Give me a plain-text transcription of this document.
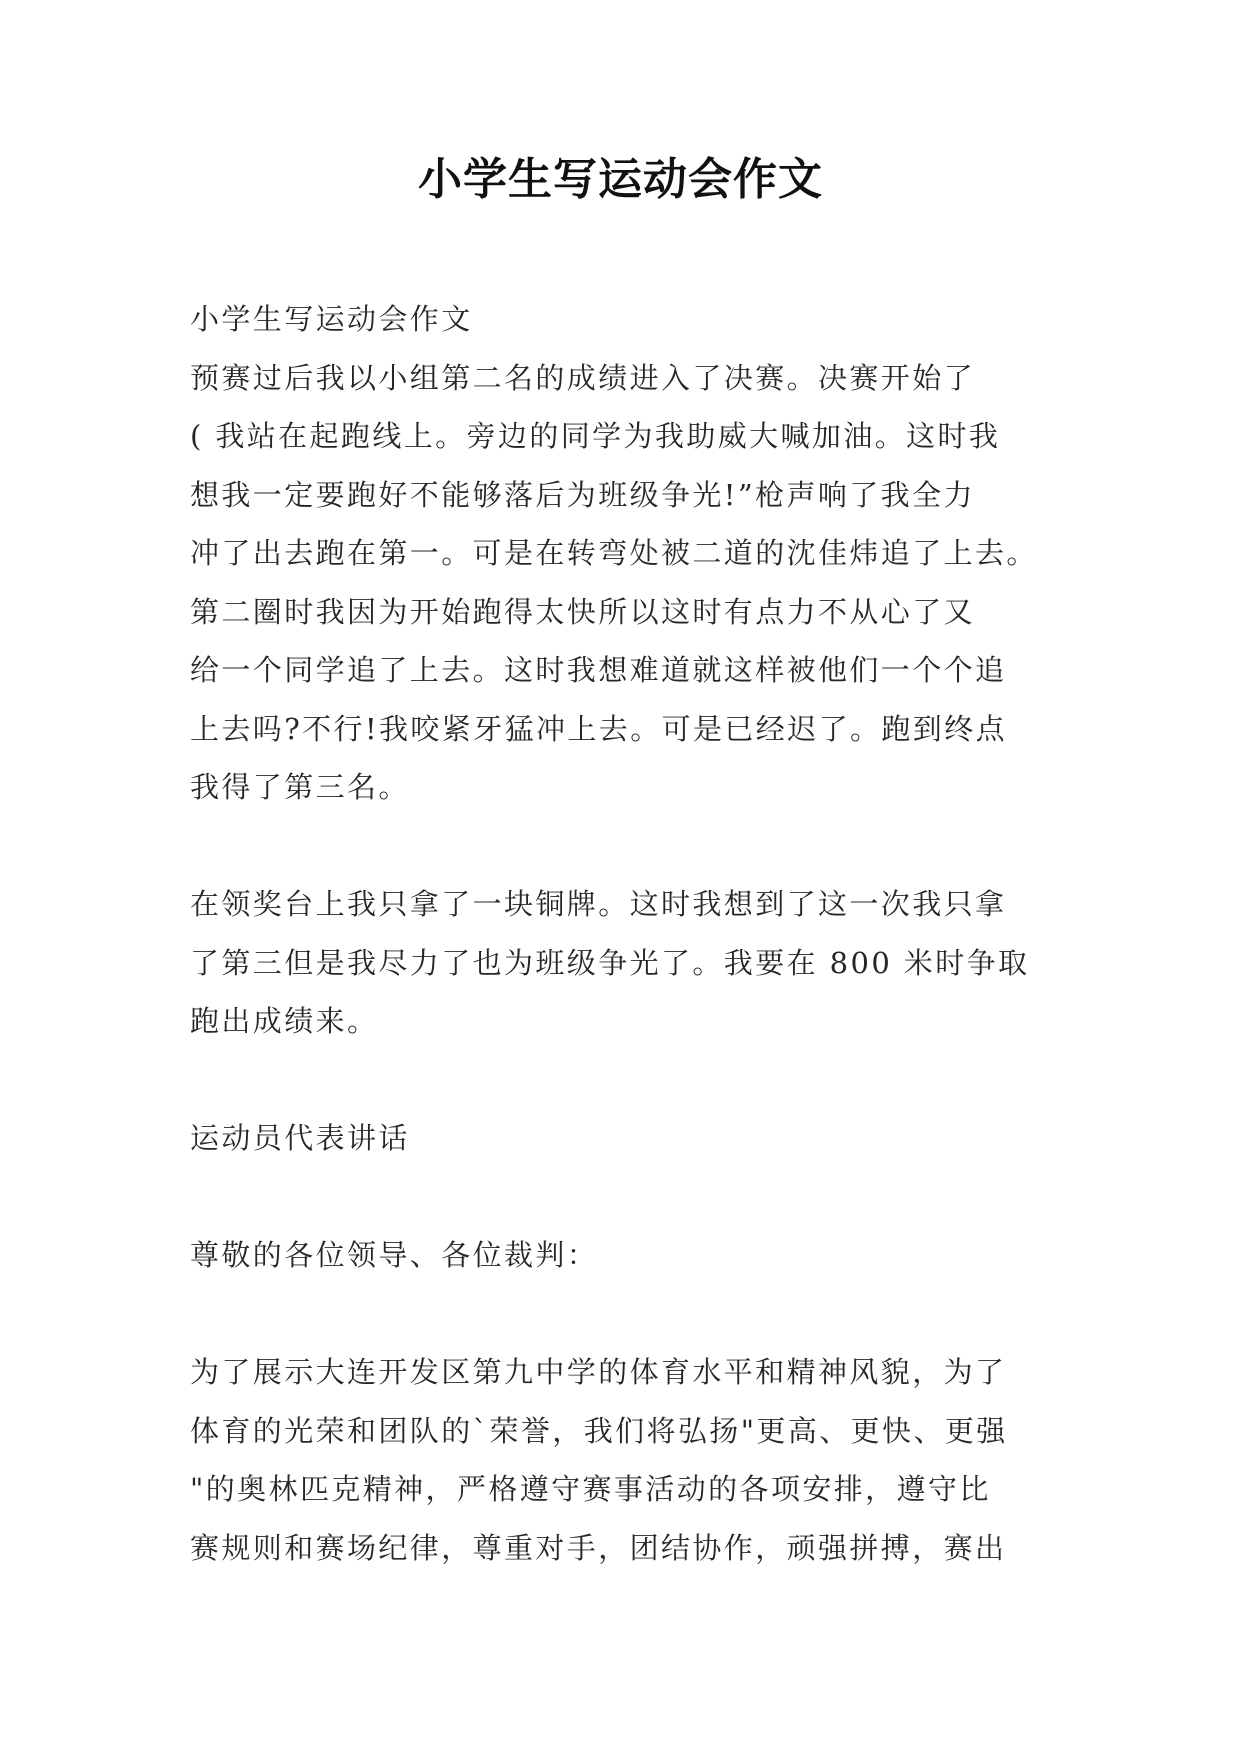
小学生写运动会作文

小学生写运动会作文
预赛过后我以小组第二名的成绩进入了决赛。决赛开始了
( 我站在起跑线上。旁边的同学为我助威大喊加油。这时我
想我一定要跑好不能够落后为班级争光!”枪声响了我全力
冲了出去跑在第一。可是在转弯处被二道的沈佳炜追了上去。
第二圈时我因为开始跑得太快所以这时有点力不从心了又
给一个同学追了上去。这时我想难道就这样被他们一个个追
上去吗?不行!我咬紧牙猛冲上去。可是已经迟了。跑到终点
我得了第三名。

在领奖台上我只拿了一块铜牌。这时我想到了这一次我只拿
了第三但是我尽力了也为班级争光了。我要在 800 米时争取
跑出成绩来。

运动员代表讲话

尊敬的各位领导、各位裁判：

为了展示大连开发区第九中学的体育水平和精神风貌，为了
体育的光荣和团队的`荣誉，我们将弘扬"更高、更快、更强
"的奥林匹克精神，严格遵守赛事活动的各项安排，遵守比
赛规则和赛场纪律，尊重对手，团结协作，顽强拼搏，赛出
